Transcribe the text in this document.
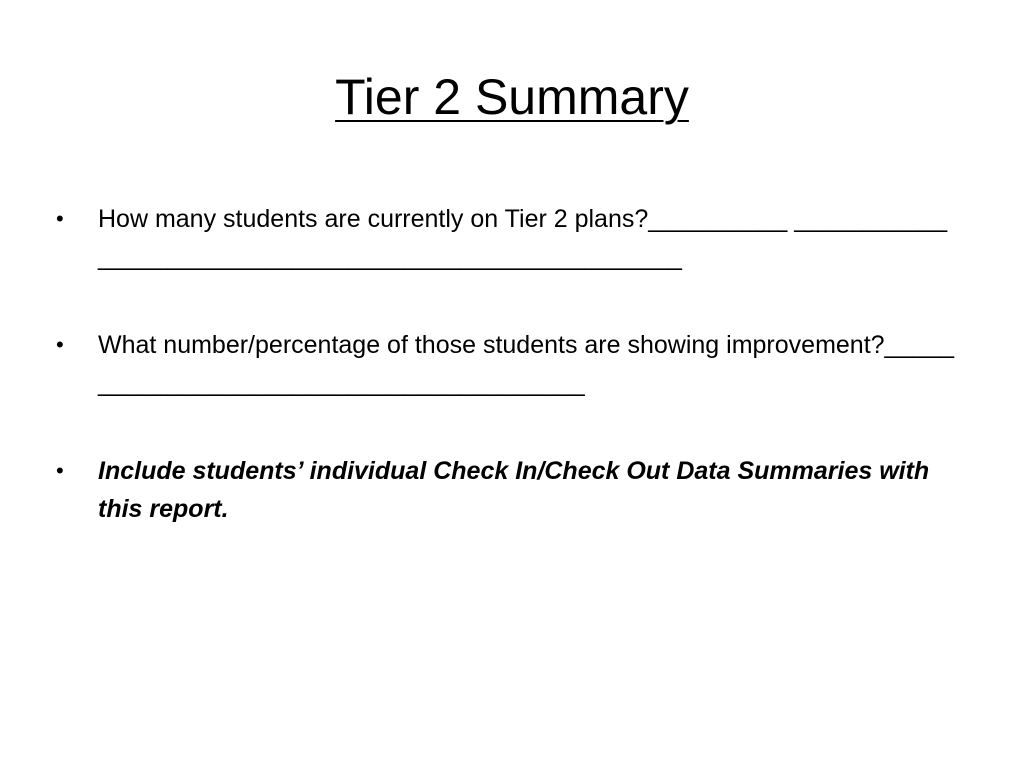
Tier 2 Summary
•	How many students are currently on Tier 2 plans?__________ _____________________________________________________
•	What number/percentage of those students are showing improvement?________________________________________
•	Include students’ individual Check In/Check Out Data Summaries with this report.
